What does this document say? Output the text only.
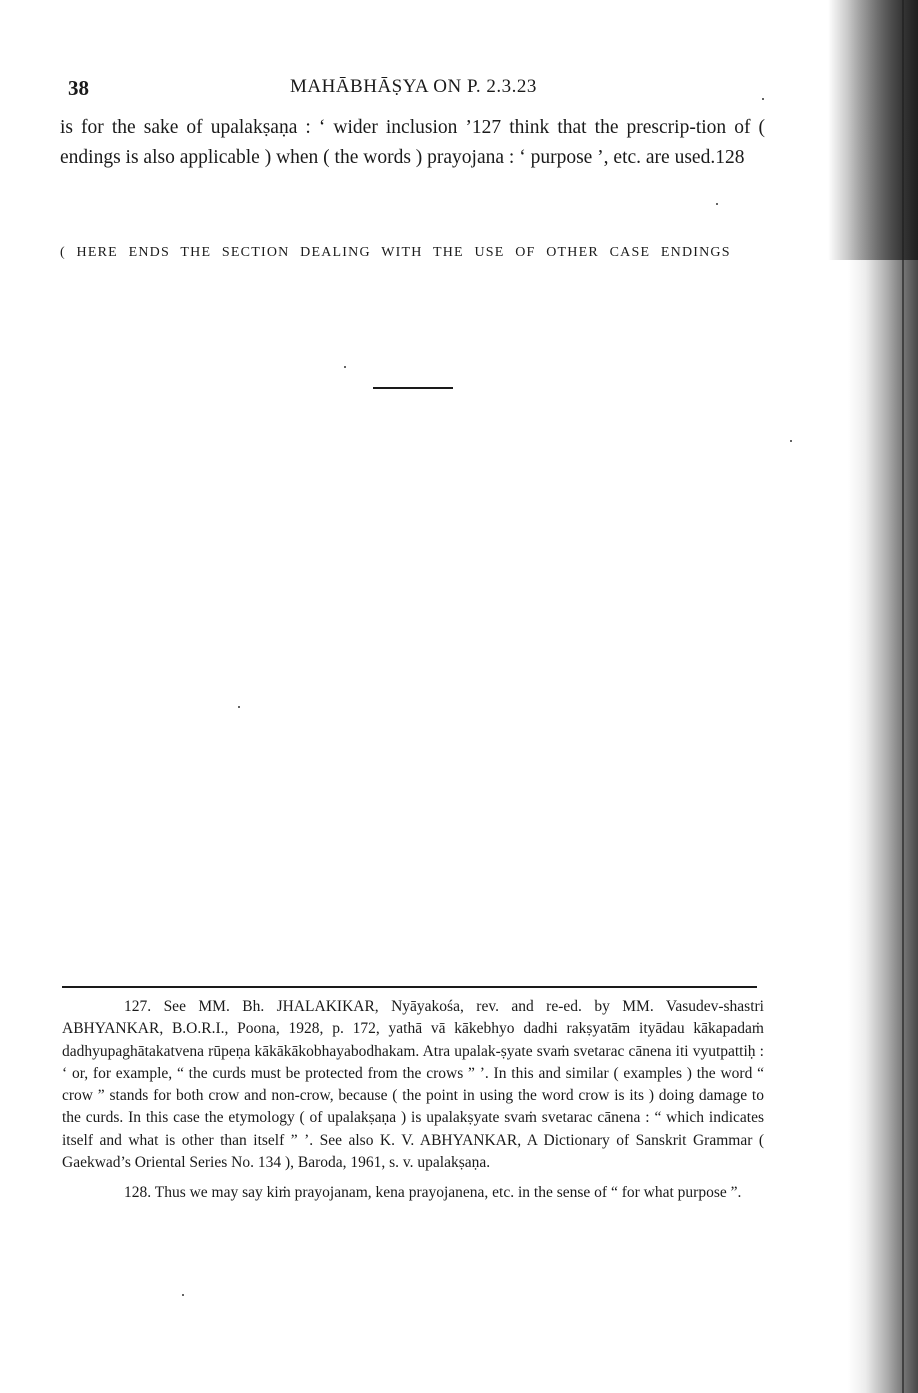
38	MAHĀBHĀṢYA ON P. 2.3.23

is for the sake of upalakṣaṇa : ‘ wider inclusion ’127 think that the prescrip-tion of ( endings is also applicable ) when ( the words ) prayojana : ‘ purpose ’, etc. are used.128

( HERE ENDS THE SECTION DEALING WITH THE USE OF OTHER CASE ENDINGS

127. See MM. Bh. JHALAKIKAR, Nyāyakośa, rev. and re-ed. by MM. Vasudev-shastri ABHYANKAR, B.O.R.I., Poona, 1928, p. 172, yathā vā kākebhyo dadhi rakṣyatām ityādau kākapadaṁ dadhyupaghātakatvena rūpeṇa kākākākobhayabodhakam. Atra upalak-ṣyate svaṁ svetarac cānena iti vyutpattiḥ : ‘ or, for example, “ the curds must be protected from the crows ” ’. In this and similar ( examples ) the word “ crow ” stands for both crow and non-crow, because ( the point in using the word crow is its ) doing damage to the curds. In this case the etymology ( of upalakṣaṇa ) is upalakṣyate svaṁ svetarac cānena : “ which indicates itself and what is other than itself ” ’. See also K. V. ABHYANKAR, A Dictionary of Sanskrit Grammar ( Gaekwad’s Oriental Series No. 134 ), Baroda, 1961, s. v. upalakṣaṇa.

128. Thus we may say kiṁ prayojanam, kena prayojanena, etc. in the sense of “ for what purpose ”.
